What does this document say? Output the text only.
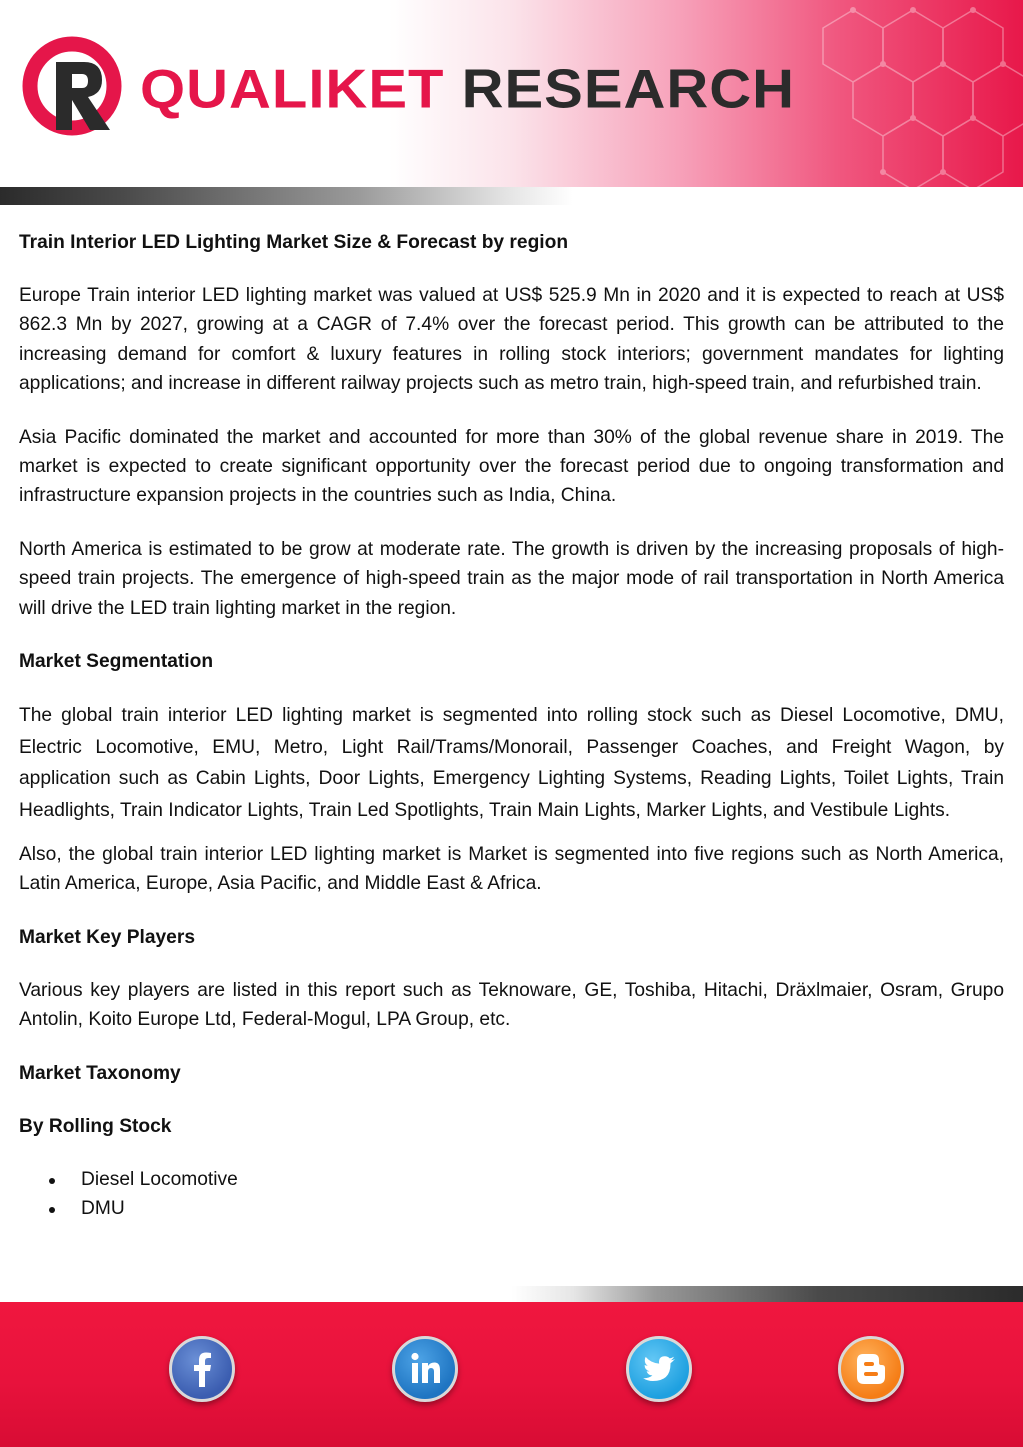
QUALIKET RESEARCH
Train Interior LED Lighting Market Size & Forecast by region

Europe Train interior LED lighting market was valued at US$ 525.9 Mn in 2020 and it is expected to reach at US$ 862.3 Mn by 2027, growing at a CAGR of 7.4% over the forecast period. This growth can be attributed to the increasing demand for comfort & luxury features in rolling stock interiors; government mandates for lighting applications; and increase in different railway projects such as metro train, high-speed train, and refurbished train.

Asia Pacific dominated the market and accounted for more than 30% of the global revenue share in 2019. The market is expected to create significant opportunity over the forecast period due to ongoing transformation and infrastructure expansion projects in the countries such as India, China.

North America is estimated to be grow at moderate rate. The growth is driven by the increasing proposals of high-speed train projects. The emergence of high-speed train as the major mode of rail transportation in North America will drive the LED train lighting market in the region.

Market Segmentation

The global train interior LED lighting market is segmented into rolling stock such as Diesel Locomotive, DMU, Electric Locomotive, EMU, Metro, Light Rail/Trams/Monorail, Passenger Coaches, and Freight Wagon, by application such as Cabin Lights, Door Lights, Emergency Lighting Systems, Reading Lights, Toilet Lights, Train Headlights, Train Indicator Lights, Train Led Spotlights, Train Main Lights, Marker Lights, and Vestibule Lights.

Also, the global train interior LED lighting market is Market is segmented into five regions such as North America, Latin America, Europe, Asia Pacific, and Middle East & Africa.

Market Key Players

Various key players are listed in this report such as Teknoware, GE, Toshiba, Hitachi, Dräxlmaier, Osram, Grupo Antolin, Koito Europe Ltd, Federal-Mogul, LPA Group, etc.

Market Taxonomy
By Rolling Stock
Diesel Locomotive
DMU
